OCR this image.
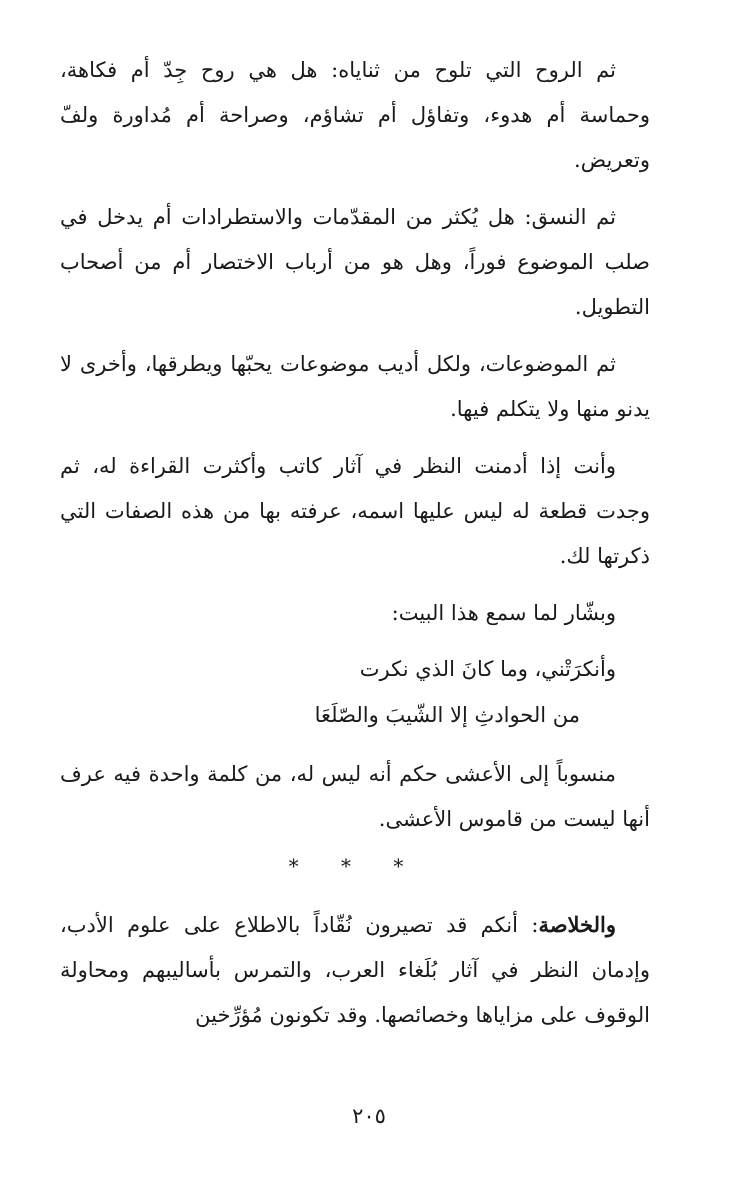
ثم الروح التي تلوح من ثناياه: هل هي روح جِدّ أم فكاهة، وحماسة أم هدوء، وتفاؤل أم تشاؤم، وصراحة أم مُداورة ولفّ وتعريض.

ثم النسق: هل يُكثر من المقدّمات والاستطرادات أم يدخل في صلب الموضوع فوراً، وهل هو من أرباب الاختصار أم من أصحاب التطويل.

ثم الموضوعات، ولكل أديب موضوعات يحبّها ويطرقها، وأخرى لا يدنو منها ولا يتكلم فيها.

وأنت إذا أدمنت النظر في آثار كاتب وأكثرت القراءة له، ثم وجدت قطعة له ليس عليها اسمه، عرفته بها من هذه الصفات التي ذكرتها لك.

وبشّار لما سمع هذا البيت:

وأنكرَتْني، وما كانَ الذي نكرت
من الحوادثِ إلا الشّيبَ والصّلَعَا

منسوباً إلى الأعشى حكم أنه ليس له، من كلمة واحدة فيه عرف أنها ليست من قاموس الأعشى.

* * *

والخلاصة: أنكم قد تصيرون نُقّاداً بالاطلاع على علوم الأدب، وإدمان النظر في آثار بُلَغاء العرب، والتمرس بأساليبهم ومحاولة الوقوف على مزاياها وخصائصها. وقد تكونون مُؤرِّخين

٢٠٥
